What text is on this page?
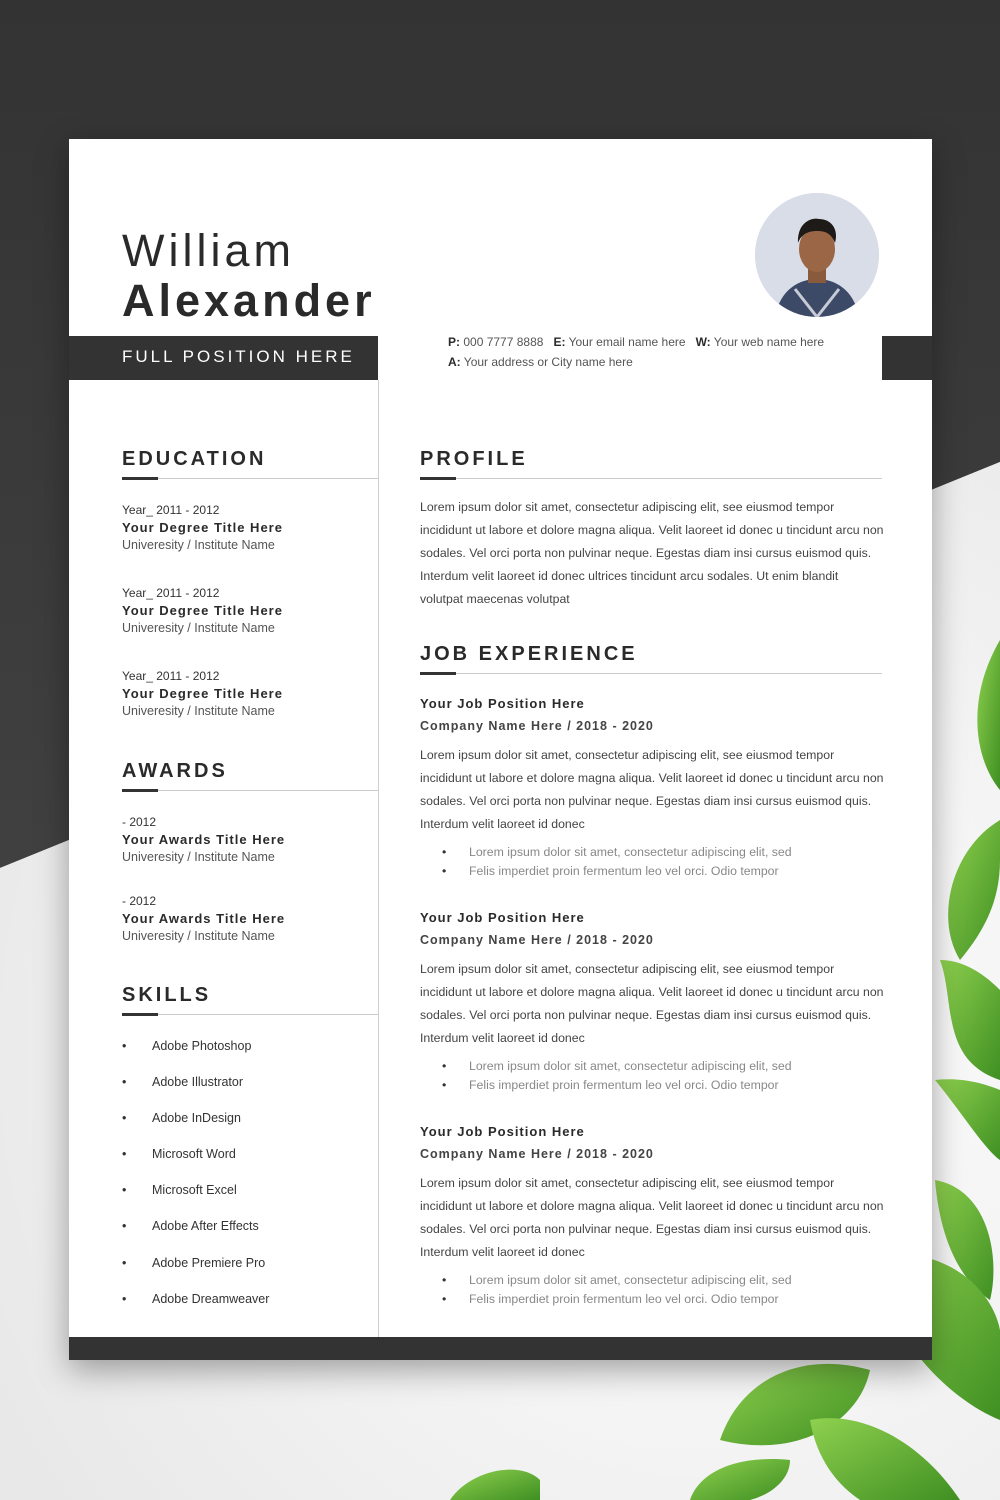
William
Alexander
FULL POSITION HERE
P: 000 7777 8888 E: Your email name here W: Your web name here
A: Your address or City name here
EDUCATION
Year_ 2011 - 2012
Your Degree Title Here
Univeresity / Institute Name
Year_ 2011 - 2012
Your Degree Title Here
Univeresity / Institute Name
Year_ 2011 - 2012
Your Degree Title Here
Univeresity / Institute Name
AWARDS
- 2012
Your Awards Title Here
Univeresity / Institute Name
- 2012
Your Awards Title Here
Univeresity / Institute Name
SKILLS
• Adobe Photoshop
• Adobe Illustrator
• Adobe InDesign
• Microsoft Word
• Microsoft Excel
• Adobe After Effects
• Adobe Premiere Pro
• Adobe Dreamweaver
PROFILE
Lorem ipsum dolor sit amet, consectetur adipiscing elit, see eiusmod tempor incididunt ut labore et dolore magna aliqua. Velit laoreet id donec u tincidunt arcu non sodales. Vel orci porta non pulvinar neque. Egestas diam insi cursus euismod quis. Interdum velit laoreet id donec ultrices tincidunt arcu sodales. Ut enim blandit volutpat maecenas volutpat
JOB EXPERIENCE
Your Job Position Here
Company Name Here / 2018 - 2020
Lorem ipsum dolor sit amet, consectetur adipiscing elit, see eiusmod tempor incididunt ut labore et dolore magna aliqua. Velit laoreet id donec u tincidunt arcu non sodales. Vel orci porta non pulvinar neque. Egestas diam insi cursus euismod quis. Interdum velit laoreet id donec
• Lorem ipsum dolor sit amet, consectetur adipiscing elit, sed
• Felis imperdiet proin fermentum leo vel orci. Odio tempor
Your Job Position Here
Company Name Here / 2018 - 2020
Lorem ipsum dolor sit amet, consectetur adipiscing elit, see eiusmod tempor incididunt ut labore et dolore magna aliqua. Velit laoreet id donec u tincidunt arcu non sodales. Vel orci porta non pulvinar neque. Egestas diam insi cursus euismod quis. Interdum velit laoreet id donec
• Lorem ipsum dolor sit amet, consectetur adipiscing elit, sed
• Felis imperdiet proin fermentum leo vel orci. Odio tempor
Your Job Position Here
Company Name Here / 2018 - 2020
Lorem ipsum dolor sit amet, consectetur adipiscing elit, see eiusmod tempor incididunt ut labore et dolore magna aliqua. Velit laoreet id donec u tincidunt arcu non sodales. Vel orci porta non pulvinar neque. Egestas diam insi cursus euismod quis. Interdum velit laoreet id donec
• Lorem ipsum dolor sit amet, consectetur adipiscing elit, sed
• Felis imperdiet proin fermentum leo vel orci. Odio tempor
